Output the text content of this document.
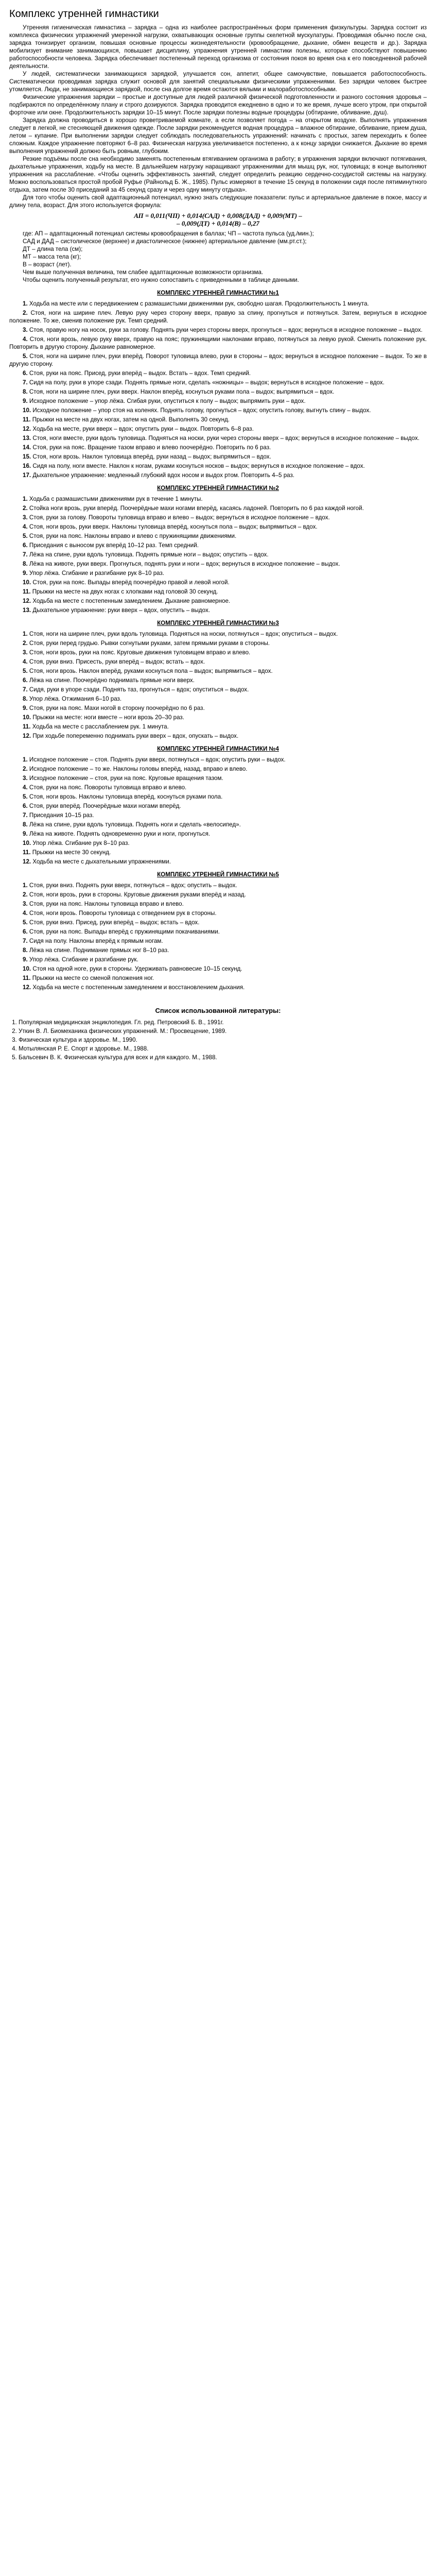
Комплекс утренней гимнастики

Утренняя гигиеническая гимнастика – зарядка – одна из наиболее распространённых форм применения физкультуры. Зарядка состоит из комплекса физических упражнений умеренной нагрузки, охватывающих основные группы скелетной мускулатуры. Проводимая обычно после сна, зарядка тонизирует организм, повышая основные процессы жизнедеятельности (кровообращение, дыхание, обмен веществ и др.). Зарядка мобилизует внимание занимающихся, повышает дисциплину, упражнения утренней гимнастики полезны, которые способствуют повышению работоспособности человека. Зарядка обеспечивает постепенный переход организма от состояния покоя во время сна к его повседневной рабочей деятельности.

У людей, систематически занимающихся зарядкой, улучшается сон, аппетит, общее самочувствие, повышается работоспособность. Систематически проводимая зарядка служит основой для занятий специальными физическими упражнениями. Без зарядки человек быстрее утомляется. Люди, не занимающиеся зарядкой, после сна долгое время остаются вялыми и малоработоспособными.

Физические упражнения зарядки – простые и доступные для людей различной физической подготовленности и разного состояния здоровья – подбираются по определённому плану и строго дозируются. Зарядка проводится ежедневно в одно и то же время, лучше всего утром, при открытой форточке или окне. Продолжительность зарядки 10–15 минут. После зарядки полезны водные процедуры (обтирание, обливание, душ).

Зарядка должна проводиться в хорошо проветриваемой комнате, а если позволяет погода – на открытом воздухе. Выполнять упражнения следует в легкой, не стесняющей движения одежде. После зарядки рекомендуется водная процедура – влажное обтирание, обливание, прием душа, летом – купание. При выполнении зарядки следует соблюдать последовательность упражнений: начинать с простых, затем переходить к более сложным. Каждое упражнение повторяют 6–8 раз. Физическая нагрузка увеличивается постепенно, а к концу зарядки снижается. Дыхание во время выполнения упражнений должно быть ровным, глубоким.

Резкие подъёмы после сна необходимо заменять постепенным втягиванием организма в работу; в упражнения зарядки включают потягивания, дыхательные упражнения, ходьбу на месте. В дальнейшем нагрузку наращивают упражнениями для мышц рук, ног, туловища; в конце выполняют упражнения на расслабление. «Чтобы оценить эффективность занятий, следует определить реакцию сердечно-сосудистой системы на нагрузку. Можно воспользоваться простой пробой Руфье (Райнольд Б. Ж., 1985). Пульс измеряют в течение 15 секунд в положении сидя после пятиминутного отдыха, затем после 30 приседаний за 45 секунд сразу и через одну минуту отдыха».

Для того чтобы оценить свой адаптационный потенциал, нужно знать следующие показатели: пульс и артериальное давление в покое, массу и длину тела, возраст. Для этого используется формула:

АП = 0,011(ЧП) + 0,014(САД) + 0,008(ДАД) + 0,009(МТ) –
– 0,009(ДТ) + 0,014(В) – 0,27

где: АП – адаптационный потенциал системы кровообращения в баллах; ЧП – частота пульса (уд./мин.);

САД и ДАД – систолическое (верхнее) и диастолическое (нижнее) артериальное давление (мм.рт.ст.);

ДТ – длина тела (см);

МТ – масса тела (кг);

В – возраст (лет).

Чем выше полученная величина, тем слабее адаптационные возможности организма.

Чтобы оценить полученный результат, его нужно сопоставить с приведенными в таблице данными.

КОМПЛЕКС УТРЕННЕЙ ГИМНАСТИКИ №1
1. Ходьба на месте или с передвижением с размашистыми движениями рук, свободно шагая. Продолжительность 1 минута.
2. Стоя, ноги на ширине плеч. Левую руку через сторону вверх, правую за спину, прогнуться и потянуться. Затем, вернуться в исходное положение. То же, сменив положение рук. Темп средний.
3. Стоя, правую ногу на носок, руки за голову. Поднять руки через стороны вверх, прогнуться – вдох; вернуться в исходное положение – выдох.
4. Стоя, ноги врозь, левую руку вверх, правую на пояс; пружинящими наклонами вправо, потянуться за левую рукой. Сменить положение рук. Повторить в другую сторону. Дыхание равномерное.
5. Стоя, ноги на ширине плеч, руки вперёд. Поворот туловища влево, руки в стороны – вдох; вернуться в исходное положение – выдох. То же в другую сторону.
6. Стоя, руки на пояс. Присед, руки вперёд – выдох. Встать – вдох. Темп средний.
7. Сидя на полу, руки в упоре сзади. Поднять прямые ноги, сделать «ножницы» – выдох; вернуться в исходное положение – вдох.
8. Стоя, ноги на ширине плеч, руки вверх. Наклон вперёд, коснуться руками пола – выдох; выпрямиться – вдох.
9. Исходное положение – упор лёжа. Сгибая руки, опуститься к полу – выдох; выпрямить руки – вдох.
10. Исходное положение – упор стоя на коленях. Поднять голову, прогнуться – вдох; опустить голову, выгнуть спину – выдох.
11. Прыжки на месте на двух ногах, затем на одной. Выполнять 30 секунд.
12. Ходьба на месте, руки вверх – вдох; опустить руки – выдох. Повторить 6–8 раз.
13. Стоя, ноги вместе, руки вдоль туловища. Подняться на носки, руки через стороны вверх – вдох; вернуться в исходное положение – выдох.
14. Стоя, руки на пояс. Вращение тазом вправо и влево поочерёдно. Повторить по 6 раз.
15. Стоя, ноги врозь. Наклон туловища вперёд, руки назад – выдох; выпрямиться – вдох.
16. Сидя на полу, ноги вместе. Наклон к ногам, руками коснуться носков – выдох; вернуться в исходное положение – вдох.
17. Дыхательное упражнение: медленный глубокий вдох носом и выдох ртом. Повторить 4–5 раз.
КОМПЛЕКС УТРЕННЕЙ ГИМНАСТИКИ №2
1. Ходьба с размашистыми движениями рук в течение 1 минуты.
2. Стойка ноги врозь, руки вперёд. Поочерёдные махи ногами вперёд, касаясь ладоней. Повторить по 6 раз каждой ногой.
3. Стоя, руки за голову. Повороты туловища вправо и влево – выдох; вернуться в исходное положение – вдох.
4. Стоя, ноги врозь, руки вверх. Наклоны туловища вперёд, коснуться пола – выдох; выпрямиться – вдох.
5. Стоя, руки на пояс. Наклоны вправо и влево с пружинящими движениями.
6. Приседания с выносом рук вперёд 10–12 раз. Темп средний.
7. Лёжа на спине, руки вдоль туловища. Поднять прямые ноги – выдох; опустить – вдох.
8. Лёжа на животе, руки вверх. Прогнуться, поднять руки и ноги – вдох; вернуться в исходное положение – выдох.
9. Упор лёжа. Сгибание и разгибание рук 8–10 раз.
10. Стоя, руки на пояс. Выпады вперёд поочерёдно правой и левой ногой.
11. Прыжки на месте на двух ногах с хлопками над головой 30 секунд.
12. Ходьба на месте с постепенным замедлением. Дыхание равномерное.
13. Дыхательное упражнение: руки вверх – вдох, опустить – выдох.
КОМПЛЕКС УТРЕННЕЙ ГИМНАСТИКИ №3
1. Стоя, ноги на ширине плеч, руки вдоль туловища. Подняться на носки, потянуться – вдох; опуститься – выдох.
2. Стоя, руки перед грудью. Рывки согнутыми руками, затем прямыми руками в стороны.
3. Стоя, ноги врозь, руки на пояс. Круговые движения туловищем вправо и влево.
4. Стоя, руки вниз. Присесть, руки вперёд – выдох; встать – вдох.
5. Стоя, ноги врозь. Наклон вперёд, руками коснуться пола – выдох; выпрямиться – вдох.
6. Лёжа на спине. Поочерёдно поднимать прямые ноги вверх.
7. Сидя, руки в упоре сзади. Поднять таз, прогнуться – вдох; опуститься – выдох.
8. Упор лёжа. Отжимания 6–10 раз.
9. Стоя, руки на пояс. Махи ногой в сторону поочерёдно по 6 раз.
10. Прыжки на месте: ноги вместе – ноги врозь 20–30 раз.
11. Ходьба на месте с расслаблением рук. 1 минута.
12. При ходьбе попеременно поднимать руки вверх – вдох, опускать – выдох.
КОМПЛЕКС УТРЕННЕЙ ГИМНАСТИКИ №4
1. Исходное положение – стоя. Поднять руки вверх, потянуться – вдох; опустить руки – выдох.
2. Исходное положение – то же. Наклоны головы вперёд, назад, вправо и влево.
3. Исходное положение – стоя, руки на пояс. Круговые вращения тазом.
4. Стоя, руки на пояс. Повороты туловища вправо и влево.
5. Стоя, ноги врозь. Наклоны туловища вперёд, коснуться руками пола.
6. Стоя, руки вперёд. Поочерёдные махи ногами вперёд.
7. Приседания 10–15 раз.
8. Лёжа на спине, руки вдоль туловища. Поднять ноги и сделать «велосипед».
9. Лёжа на животе. Поднять одновременно руки и ноги, прогнуться.
10. Упор лёжа. Сгибание рук 8–10 раз.
11. Прыжки на месте 30 секунд.
12. Ходьба на месте с дыхательными упражнениями.
КОМПЛЕКС УТРЕННЕЙ ГИМНАСТИКИ №5
1. Стоя, руки вниз. Поднять руки вверх, потянуться – вдох; опустить – выдох.
2. Стоя, ноги врозь, руки в стороны. Круговые движения руками вперёд и назад.
3. Стоя, руки на пояс. Наклоны туловища вправо и влево.
4. Стоя, ноги врозь. Повороты туловища с отведением рук в стороны.
5. Стоя, руки вниз. Присед, руки вперёд – выдох; встать – вдох.
6. Стоя, руки на пояс. Выпады вперёд с пружинящими покачиваниями.
7. Сидя на полу. Наклоны вперёд к прямым ногам.
8. Лёжа на спине. Поднимание прямых ног 8–10 раз.
9. Упор лёжа. Сгибание и разгибание рук.
10. Стоя на одной ноге, руки в стороны. Удерживать равновесие 10–15 секунд.
11. Прыжки на месте со сменой положения ног.
12. Ходьба на месте с постепенным замедлением и восстановлением дыхания.
Список использованной литературы:
1. Популярная медицинская энциклопедия. Гл. ред. Петровский Б. В., 1991г.
2. Уткин В. Л. Биомеханика физических упражнений. М.: Просвещение, 1989.
3. Физическая культура и здоровье. М., 1990.
4. Мотылянская Р. Е. Спорт и здоровье. М., 1988.
5. Бальсевич В. К. Физическая культура для всех и для каждого. М., 1988.
